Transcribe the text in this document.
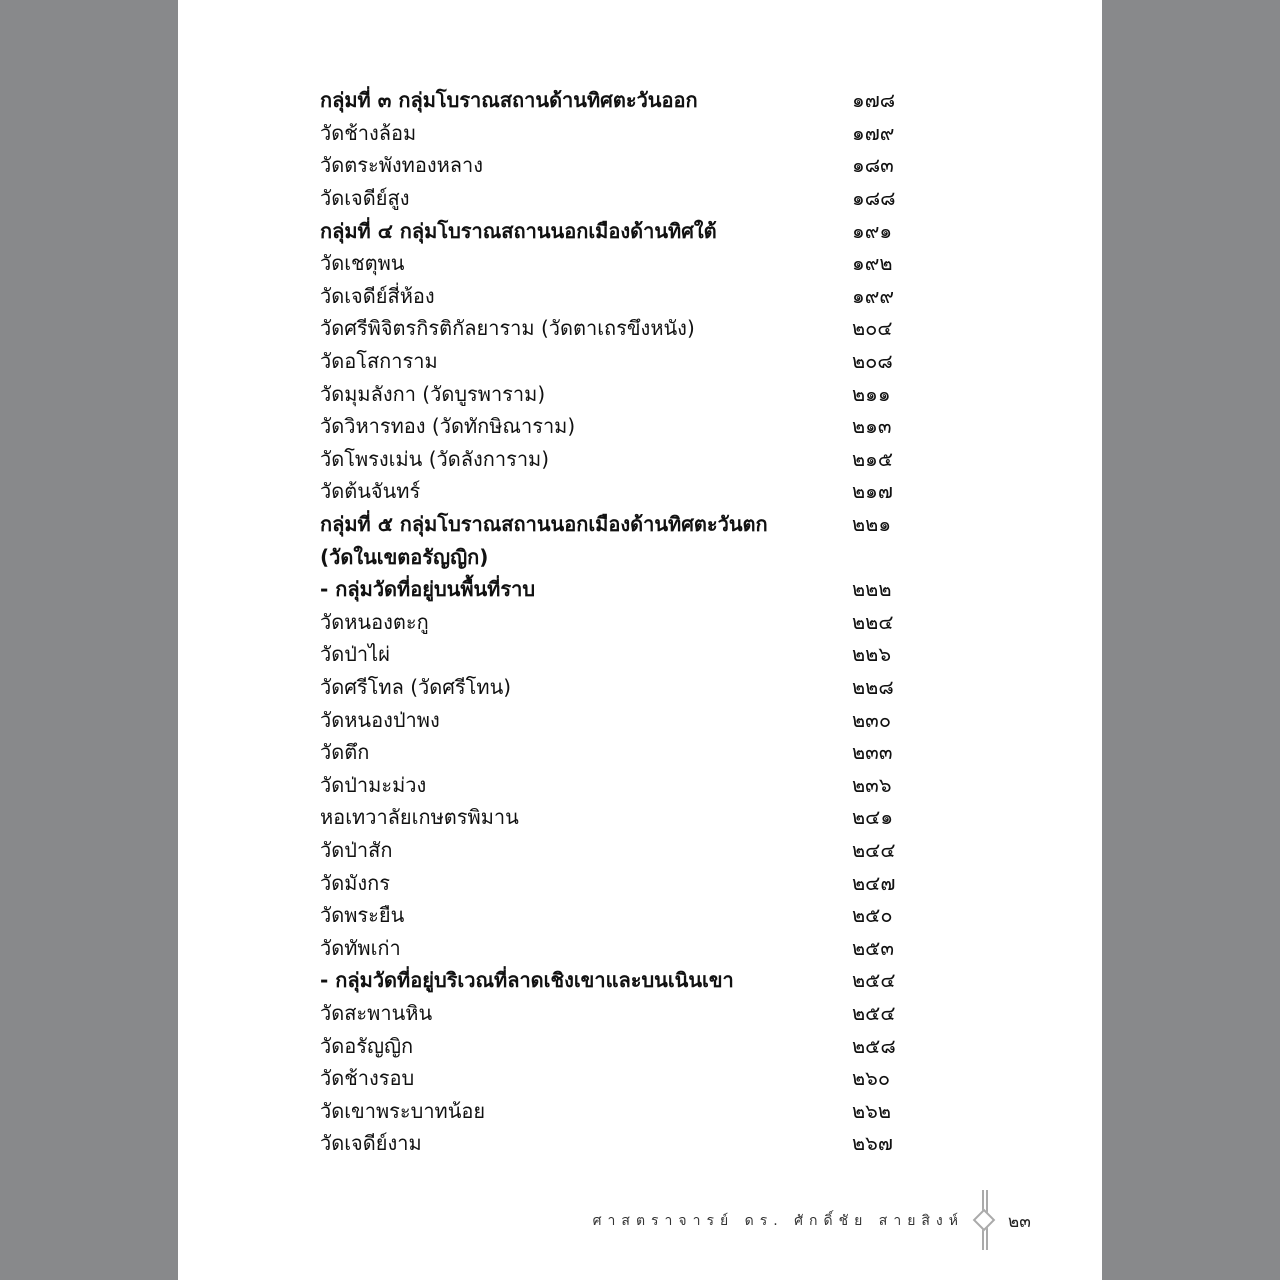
กลุ่มที่ ๓ กลุ่มโบราณสถานด้านทิศตะวันออก	๑๗๘
วัดช้างล้อม	๑๗๙
วัดตระพังทองหลาง	๑๘๓
วัดเจดีย์สูง	๑๘๘
กลุ่มที่ ๔ กลุ่มโบราณสถานนอกเมืองด้านทิศใต้	๑๙๑
วัดเชตุพน	๑๙๒
วัดเจดีย์สี่ห้อง	๑๙๙
วัดศรีพิจิตรกิรติกัลยาราม (วัดตาเถรขึงหนัง)	๒๐๔
วัดอโสการาม	๒๐๘
วัดมุมลังกา (วัดบูรพาราม)	๒๑๑
วัดวิหารทอง (วัดทักษิณาราม)	๒๑๓
วัดโพรงเม่น (วัดลังการาม)	๒๑๕
วัดต้นจันทร์	๒๑๗
กลุ่มที่ ๕ กลุ่มโบราณสถานนอกเมืองด้านทิศตะวันตก	๒๒๑
(วัดในเขตอรัญญิก)
- กลุ่มวัดที่อยู่บนพื้นที่ราบ	๒๒๒
วัดหนองตะกู	๒๒๔
วัดป่าไผ่	๒๒๖
วัดศรีโทล (วัดศรีโทน)	๒๒๘
วัดหนองป่าพง	๒๓๐
วัดตึก	๒๓๓
วัดป่ามะม่วง	๒๓๖
หอเทวาลัยเกษตรพิมาน	๒๔๑
วัดป่าสัก	๒๔๔
วัดมังกร	๒๔๗
วัดพระยืน	๒๕๐
วัดทัพเก่า	๒๕๓
- กลุ่มวัดที่อยู่บริเวณที่ลาดเชิงเขาและบนเนินเขา	๒๕๔
วัดสะพานหิน	๒๕๔
วัดอรัญญิก	๒๕๘
วัดช้างรอบ	๒๖๐
วัดเขาพระบาทน้อย	๒๖๒
วัดเจดีย์งาม	๒๖๗
ศาสตราจารย์ ดร. ศักดิ์ชัย สายสิงห์	๒๓
